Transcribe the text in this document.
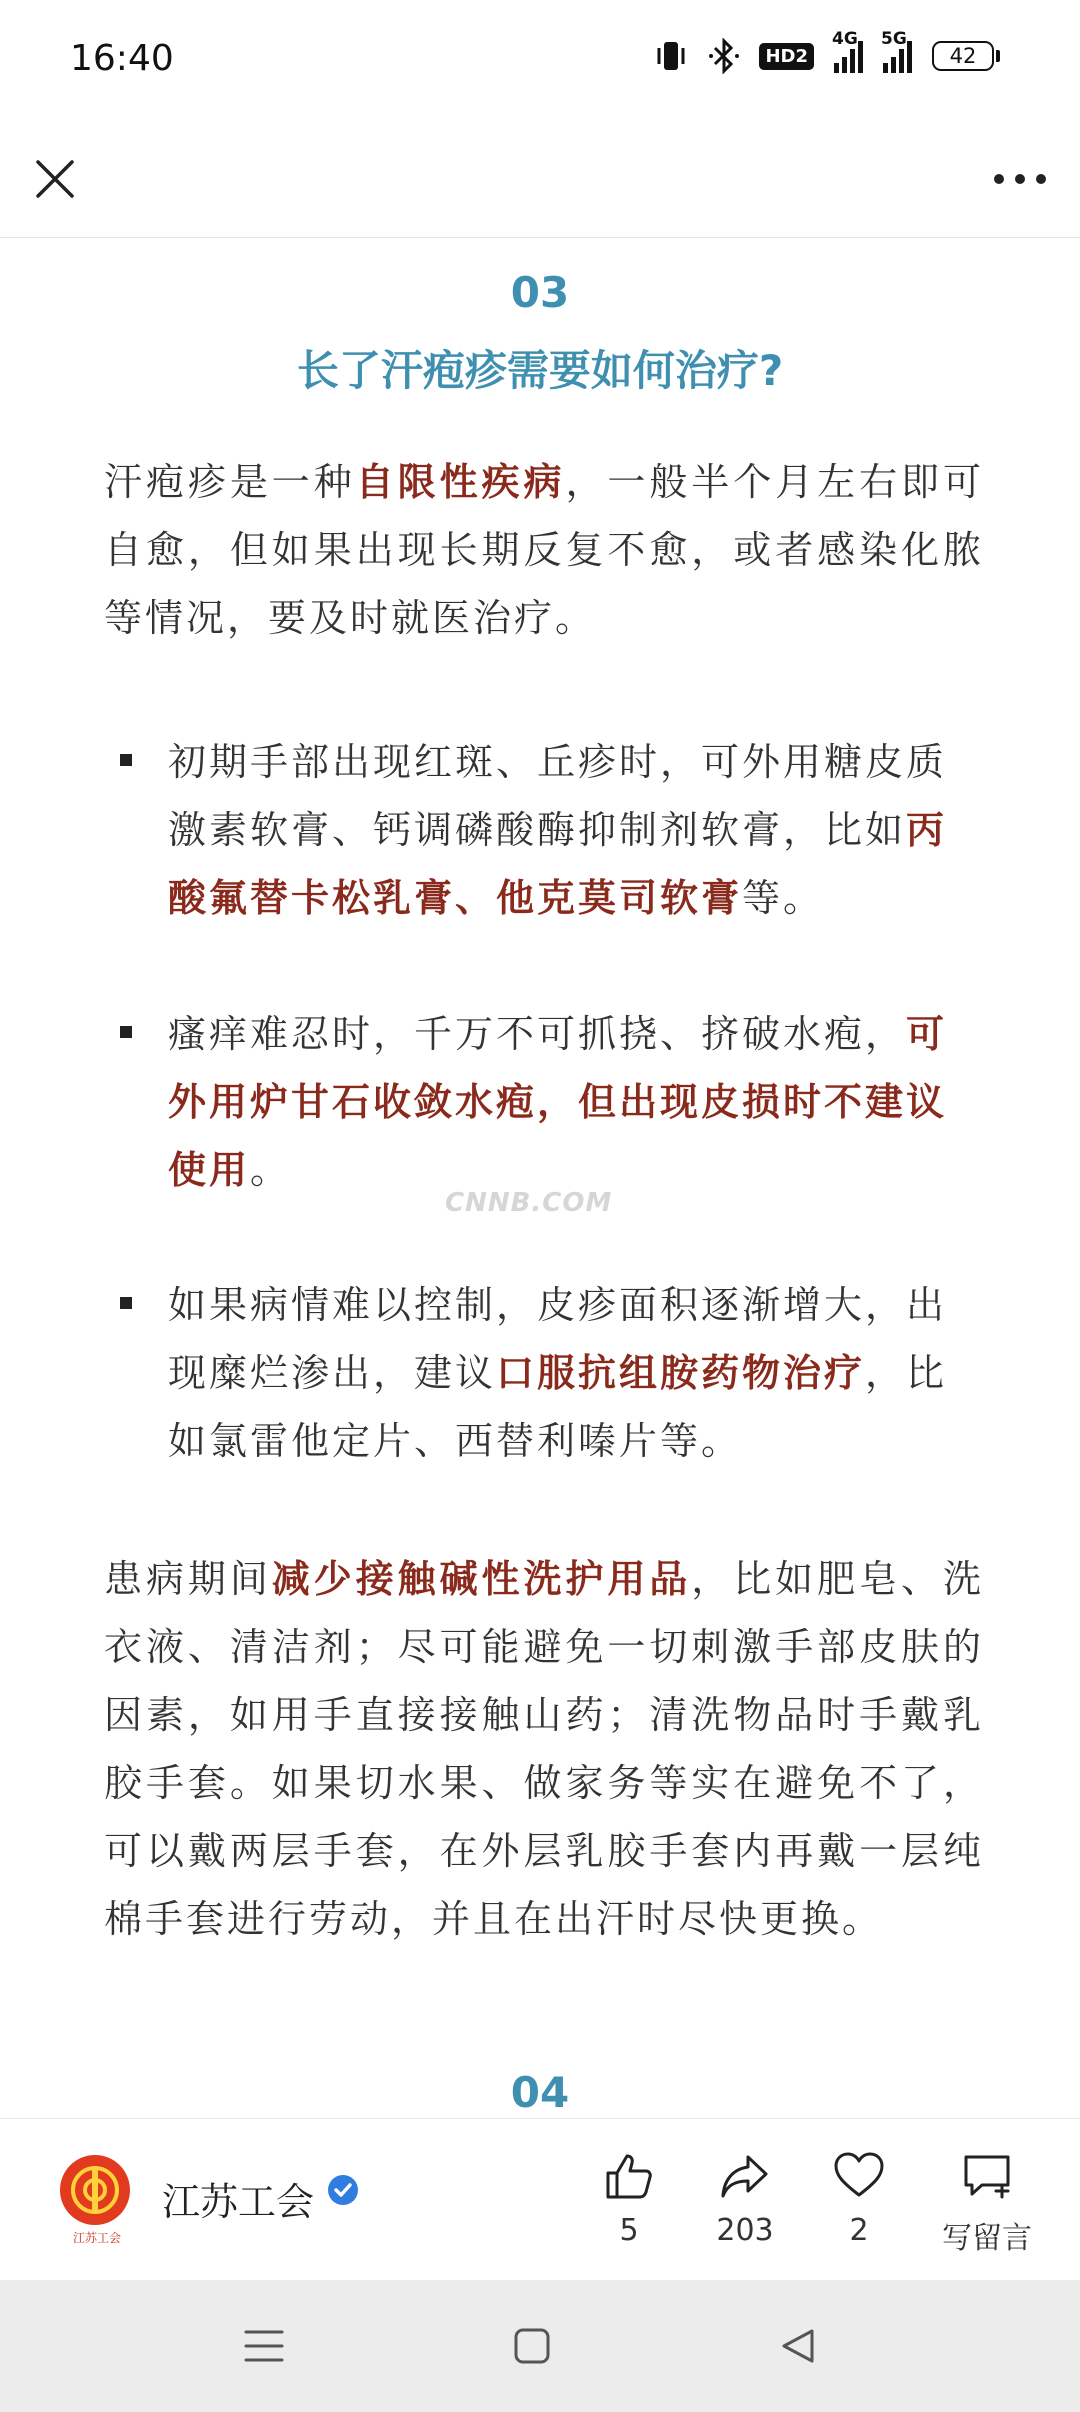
16:40	HD2
4G 5G
42
03
长了汗疱疹需要如何治疗?

汗疱疹是一种自限性疾病，一般半个月左右即可自愈，但如果出现长期反复不愈，或者感染化脓等情况，要及时就医治疗。

初期手部出现红斑、丘疹时，可外用糖皮质激素软膏、钙调磷酸酶抑制剂软膏，比如丙酸氟替卡松乳膏、他克莫司软膏等。
瘙痒难忍时，千万不可抓挠、挤破水疱，可外用炉甘石收敛水疱，但出现皮损时不建议使用。
CNNB.COM
如果病情难以控制，皮疹面积逐渐增大，出现糜烂渗出，建议口服抗组胺药物治疗，比如氯雷他定片、西替利嗪片等。

患病期间减少接触碱性洗护用品，比如肥皂、洗衣液、清洁剂；尽可能避免一切刺激手部皮肤的因素，如用手直接接触山药；清洗物品时手戴乳胶手套。如果切水果、做家务等实在避免不了，可以戴两层手套，在外层乳胶手套内再戴一层纯棉手套进行劳动，并且在出汗时尽快更换。

04
江苏工会
江苏工会
5	203	2 写留言
